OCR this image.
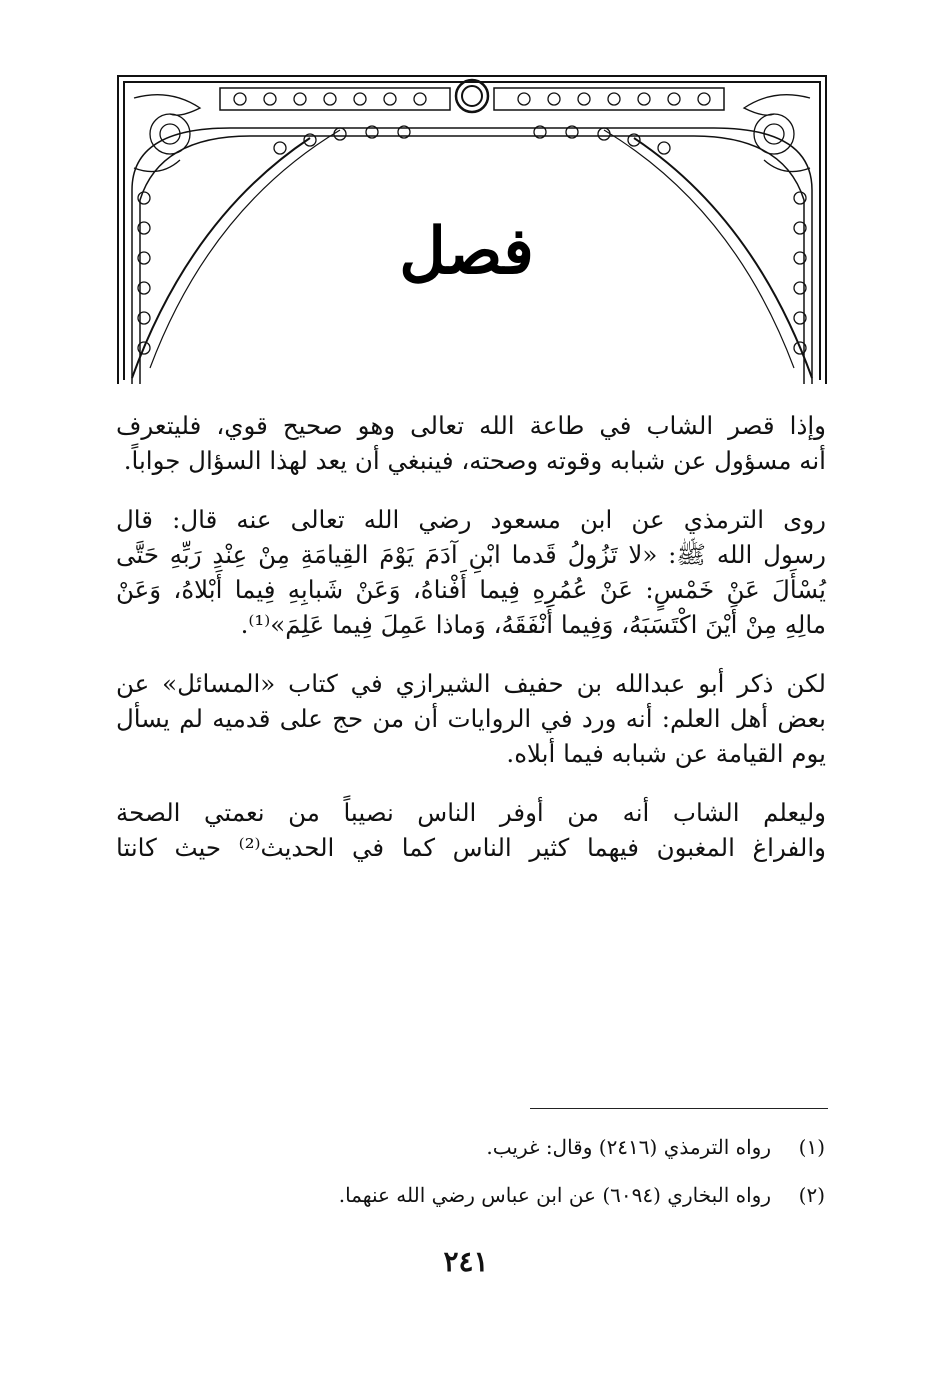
فصل

وإذا قصر الشاب في طاعة الله تعالى وهو صحيح قوي، فليتعرف
أنه مسؤول عن شبابه وقوته وصحته، فينبغي أن يعد لهذا السؤال جواباً.

روى الترمذي عن ابن مسعود رضي الله تعالى عنه قال: قال
رسول الله ﷺ: «لا تَزُولُ قَدما ابْنِ آدَمَ يَوْمَ القِيامَةِ مِنْ عِنْدِ رَبِّهِ حَتَّى
يُسْأَلَ عَنْ خَمْسٍ: عَنْ عُمُرِهِ فِيما أَفْناهُ، وَعَنْ شَبابِهِ فِيما أَبْلاهُ، وَعَنْ
مالِهِ مِنْ أَيْنَ اكْتَسَبَهُ، وَفِيما أَنْفَقَهُ، وَماذا عَمِلَ فِيما عَلِمَ»⁽¹⁾.

لكن ذكر أبو عبدالله بن حفيف الشيرازي في كتاب «المسائل» عن
بعض أهل العلم: أنه ورد في الروايات أن من حج على قدميه لم يسأل
يوم القيامة عن شبابه فيما أبلاه.

وليعلم الشاب أنه من أوفر الناس نصيباً من نعمتي الصحة
والفراغ المغبون فيهما كثير الناس كما في الحديث⁽²⁾ حيث كانتا

(١)رواه الترمذي (٢٤١٦) وقال: غريب.
(٢)رواه البخاري (٦٠٩٤) عن ابن عباس رضي الله عنهما.
٢٤١
